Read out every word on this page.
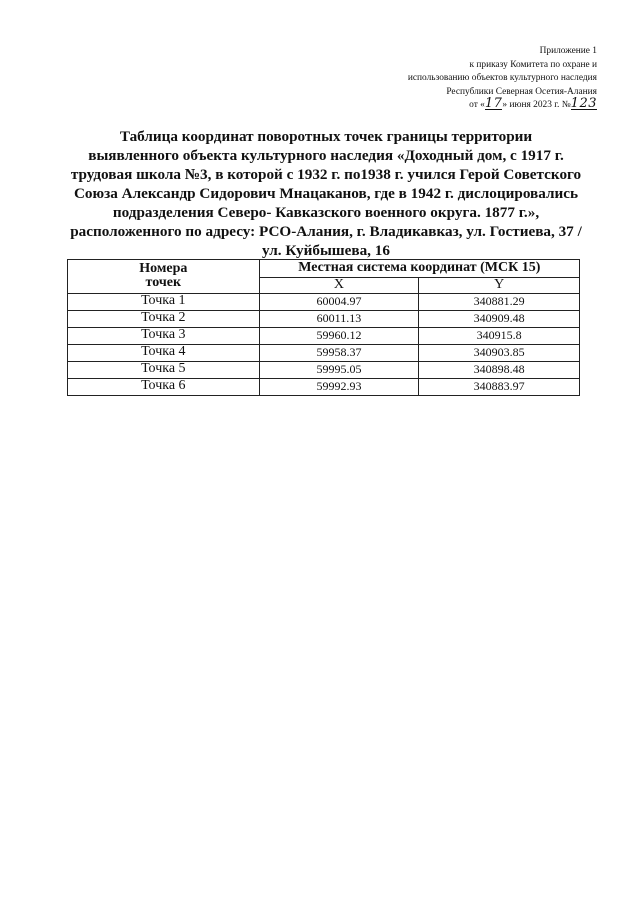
Приложение 1
к приказу Комитета по охране и
использованию объектов культурного наследия
Республики Северная Осетия-Алания
от «17» июня 2023 г. №123
Таблица координат поворотных точек границы территории
выявленного объекта культурного наследия «Доходный дом, с 1917 г.
трудовая школа №3, в которой с 1932 г. по1938 г. учился Герой Советского
Союза Александр Сидорович Мнацаканов, где в 1942 г. дислоцировались
подразделения Северо- Кавказского военного округа. 1877 г.»,
расположенного по адресу: РСО-Алания, г. Владикавказ, ул. Гостиева, 37 /
ул. Куйбышева, 16
Номера
точек	Местная система координат (МСК 15)	
	X	Y
Точка 1	60004.97	340881.29
Точка 2	60011.13	340909.48
Точка 3	59960.12	340915.8
Точка 4	59958.37	340903.85
Точка 5	59995.05	340898.48
Точка 6	59992.93	340883.97
